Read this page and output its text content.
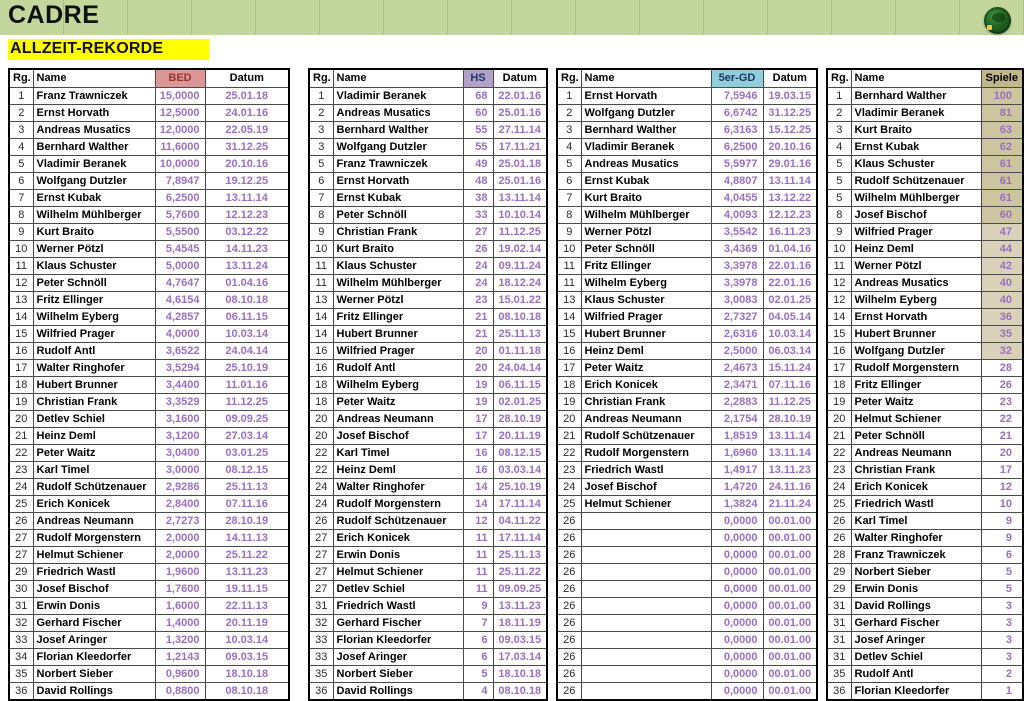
CADRE
ALLZEIT-REKORDE
Rg.	Name	BED	Datum
1	Franz Trawniczek	15,0000	25.01.18
2	Ernst Horvath	12,5000	24.01.16
3	Andreas Musatics	12,0000	22.05.19
4	Bernhard Walther	11,6000	31.12.25
5	Vladimir Beranek	10,0000	20.10.16
6	Wolfgang Dutzler	7,8947	19.12.25
7	Ernst Kubak	6,2500	13.11.14
8	Wilhelm Mühlberger	5,7600	12.12.23
9	Kurt Braito	5,5500	03.12.22
10	Werner Pötzl	5,4545	14.11.23
11	Klaus Schuster	5,0000	13.11.24
12	Peter Schnöll	4,7647	01.04.16
13	Fritz Ellinger	4,6154	08.10.18
14	Wilhelm Eyberg	4,2857	06.11.15
15	Wilfried Prager	4,0000	10.03.14
16	Rudolf Antl	3,6522	24.04.14
17	Walter Ringhofer	3,5294	25.10.19
18	Hubert Brunner	3,4400	11.01.16
19	Christian Frank	3,3529	11.12.25
20	Detlev Schiel	3,1600	09.09.25
21	Heinz Deml	3,1200	27.03.14
22	Peter Waitz	3,0400	03.01.25
23	Karl Timel	3,0000	08.12.15
24	Rudolf Schützenauer	2,9286	25.11.13
25	Erich Konicek	2,8400	07.11.16
26	Andreas Neumann	2,7273	28.10.19
27	Rudolf Morgenstern	2,0000	14.11.13
27	Helmut Schiener	2,0000	25.11.22
29	Friedrich Wastl	1,9600	13.11.23
30	Josef Bischof	1,7600	19.11.15
31	Erwin Donis	1,6000	22.11.13
32	Gerhard Fischer	1,4000	20.11.19
33	Josef Aringer	1,3200	10.03.14
34	Florian Kleedorfer	1,2143	09.03.15
35	Norbert Sieber	0,9600	18.10.18
36	David Rollings	0,8800	08.10.18
Rg.	Name	HS	Datum
1	Vladimir Beranek	68	22.01.16
2	Andreas Musatics	60	25.01.16
3	Bernhard Walther	55	27.11.14
3	Wolfgang Dutzler	55	17.11.21
5	Franz Trawniczek	49	25.01.18
6	Ernst Horvath	48	25.01.16
7	Ernst Kubak	38	13.11.14
8	Peter Schnöll	33	10.10.14
9	Christian Frank	27	11.12.25
10	Kurt Braito	26	19.02.14
11	Klaus Schuster	24	09.11.24
11	Wilhelm Mühlberger	24	18.12.24
13	Werner Pötzl	23	15.01.22
14	Fritz Ellinger	21	08.10.18
14	Hubert Brunner	21	25.11.13
16	Wilfried Prager	20	01.11.18
16	Rudolf Antl	20	24.04.14
18	Wilhelm Eyberg	19	06.11.15
18	Peter Waitz	19	02.01.25
20	Andreas Neumann	17	28.10.19
20	Josef Bischof	17	20.11.19
22	Karl Timel	16	08.12.15
22	Heinz Deml	16	03.03.14
24	Walter Ringhofer	14	25.10.19
24	Rudolf Morgenstern	14	17.11.14
26	Rudolf Schützenauer	12	04.11.22
27	Erich Konicek	11	17.11.14
27	Erwin Donis	11	25.11.13
27	Helmut Schiener	11	25.11.22
27	Detlev Schiel	11	09.09.25
31	Friedrich Wastl	9	13.11.23
32	Gerhard Fischer	7	18.11.19
33	Florian Kleedorfer	6	09.03.15
33	Josef Aringer	6	17.03.14
35	Norbert Sieber	5	18.10.18
36	David Rollings	4	08.10.18
Rg.	Name	5er-GD	Datum
1	Ernst Horvath	7,5946	19.03.15
2	Wolfgang Dutzler	6,6742	31.12.25
3	Bernhard Walther	6,3163	15.12.25
4	Vladimir Beranek	6,2500	20.10.16
5	Andreas Musatics	5,5977	29.01.16
6	Ernst Kubak	4,8807	13.11.14
7	Kurt Braito	4,0455	13.12.22
8	Wilhelm Mühlberger	4,0093	12.12.23
9	Werner Pötzl	3,5542	16.11.23
10	Peter Schnöll	3,4369	01.04.16
11	Fritz Ellinger	3,3978	22.01.16
11	Wilhelm Eyberg	3,3978	22.01.16
13	Klaus Schuster	3,0083	02.01.25
14	Wilfried Prager	2,7327	04.05.14
15	Hubert Brunner	2,6316	10.03.14
16	Heinz Deml	2,5000	06.03.14
17	Peter Waitz	2,4673	15.11.24
18	Erich Konicek	2,3471	07.11.16
19	Christian Frank	2,2883	11.12.25
20	Andreas Neumann	2,1754	28.10.19
21	Rudolf Schützenauer	1,8519	13.11.14
22	Rudolf Morgenstern	1,6960	13.11.14
23	Friedrich Wastl	1,4917	13.11.23
24	Josef Bischof	1,4720	24.11.16
25	Helmut Schiener	1,3824	21.11.24
26		0,0000	00.01.00
26		0,0000	00.01.00
26		0,0000	00.01.00
26		0,0000	00.01.00
26		0,0000	00.01.00
26		0,0000	00.01.00
26		0,0000	00.01.00
26		0,0000	00.01.00
26		0,0000	00.01.00
26		0,0000	00.01.00
26		0,0000	00.01.00
Rg.	Name	Spiele
1	Bernhard Walther	100
2	Vladimir Beranek	81
3	Kurt Braito	63
4	Ernst Kubak	62
5	Klaus Schuster	61
5	Rudolf Schützenauer	61
5	Wilhelm Mühlberger	61
8	Josef Bischof	60
9	Wilfried Prager	47
10	Heinz Deml	44
11	Werner Pötzl	42
12	Andreas Musatics	40
12	Wilhelm Eyberg	40
14	Ernst Horvath	36
15	Hubert Brunner	35
16	Wolfgang Dutzler	32
17	Rudolf Morgenstern	28
18	Fritz Ellinger	26
19	Peter Waitz	23
20	Helmut Schiener	22
21	Peter Schnöll	21
22	Andreas Neumann	20
23	Christian Frank	17
24	Erich Konicek	12
25	Friedrich Wastl	10
26	Karl Timel	9
26	Walter Ringhofer	9
28	Franz Trawniczek	6
29	Norbert Sieber	5
29	Erwin Donis	5
31	David Rollings	3
31	Gerhard Fischer	3
31	Josef Aringer	3
31	Detlev Schiel	3
35	Rudolf Antl	2
36	Florian Kleedorfer	1
